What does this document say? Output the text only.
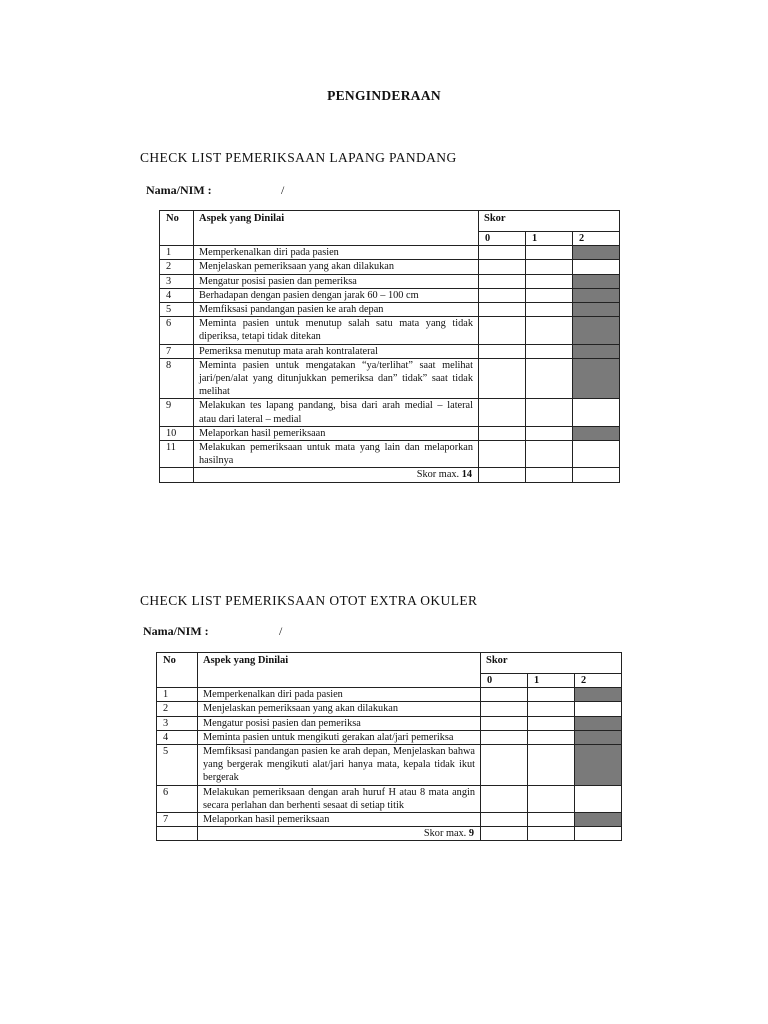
PENGINDERAAN
CHECK LIST PEMERIKSAAN LAPANG PANDANG
Nama/NIM :	/
No	Aspek yang Dinilai	Skor		
		0	1	2
1	Memperkenalkan diri pada pasien			
2	Menjelaskan pemeriksaan yang akan dilakukan			
3	Mengatur posisi pasien dan pemeriksa			
4	Berhadapan dengan pasien dengan jarak 60 – 100 cm			
5	Memfiksasi pandangan pasien ke arah depan			
6	Meminta pasien untuk menutup salah satu mata yang tidak diperiksa, tetapi tidak ditekan			
7	Pemeriksa menutup mata arah kontralateral			
8	Meminta pasien untuk mengatakan “ya/terlihat” saat melihat jari/pen/alat yang ditunjukkan pemeriksa dan” tidak” saat tidak melihat			
9	Melakukan tes lapang pandang, bisa dari arah medial – lateral atau dari lateral – medial			
10	Melaporkan hasil pemeriksaan			
11	Melakukan pemeriksaan untuk mata yang lain dan melaporkan hasilnya			
	Skor max. 14			
CHECK LIST PEMERIKSAAN OTOT EXTRA OKULER
Nama/NIM :	/
No	Aspek yang Dinilai	Skor		
		0	1	2
1	Memperkenalkan diri pada pasien			
2	Menjelaskan pemeriksaan yang akan dilakukan			
3	Mengatur posisi pasien dan pemeriksa			
4	Meminta pasien untuk mengikuti gerakan alat/jari pemeriksa			
5	Memfiksasi pandangan pasien ke arah depan, Menjelaskan bahwa yang bergerak mengikuti alat/jari hanya mata, kepala tidak ikut bergerak			
6	Melakukan pemeriksaan dengan arah huruf H atau 8 mata angin secara perlahan dan berhenti sesaat di setiap titik			
7	Melaporkan hasil pemeriksaan			
	Skor max. 9			
